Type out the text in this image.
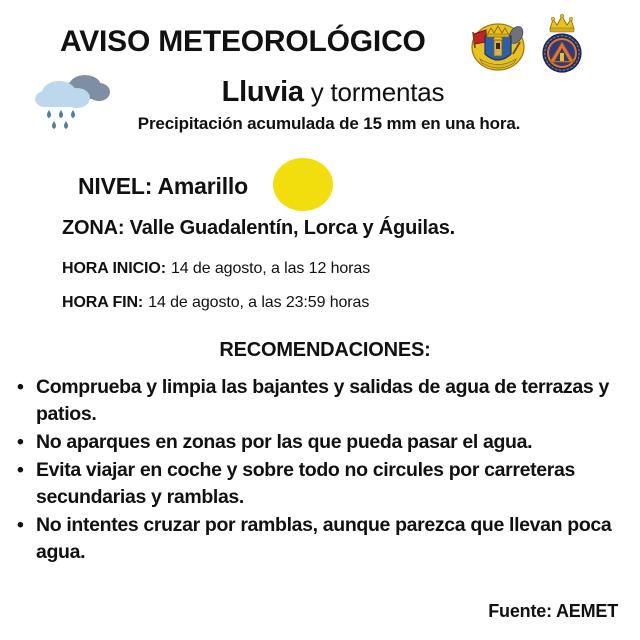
AVISO METEOROLÓGICO
Lluvia y tormentas
Precipitación acumulada de 15 mm en una hora.
NIVEL: Amarillo
ZONA: Valle Guadalentín, Lorca y Águilas.
HORA INICIO: 14 de agosto, a las 12 horas
HORA FIN: 14 de agosto, a las 23:59 horas
RECOMENDACIONES:
• Comprueba y limpia las bajantes y salidas de agua de terrazas y patios.
• No aparques en zonas por las que pueda pasar el agua.
• Evita viajar en coche y sobre todo no circules por carreteras secundarias y ramblas.
• No intentes cruzar por ramblas, aunque parezca que llevan poca agua.
Fuente: AEMET
